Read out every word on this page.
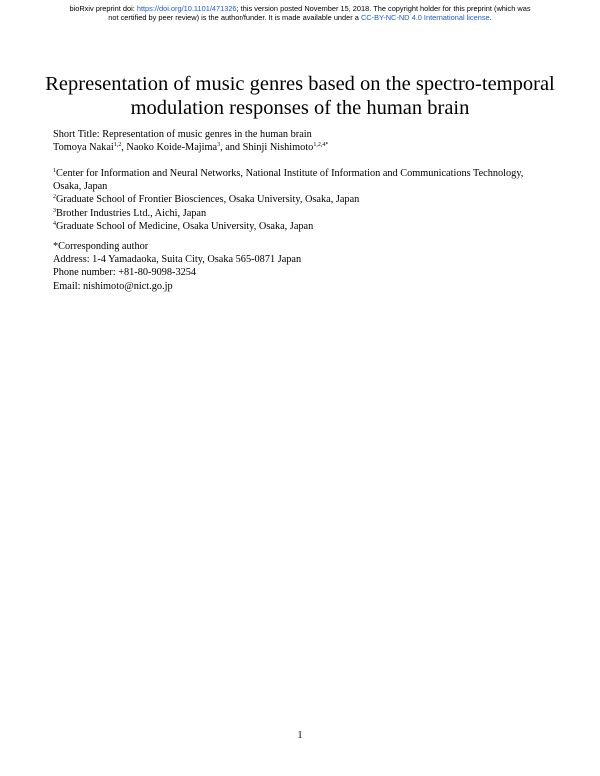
bioRxiv preprint doi: https://doi.org/10.1101/471326; this version posted November 15, 2018. The copyright holder for this preprint (which was
not certified by peer review) is the author/funder. It is made available under a CC-BY-NC-ND 4.0 International license.
Representation of music genres based on the spectro-temporal
modulation responses of the human brain
Short Title: Representation of music genres in the human brain
Tomoya Nakai$^{1,2}$, Naoko Koide-Majima$^3$, and Shinji Nishimoto$^{1,2,4*}$
$^1$Center for Information and Neural Networks, National Institute of Information and Communications Technology,
Osaka, Japan
$^2$Graduate School of Frontier Biosciences, Osaka University, Osaka, Japan
$^3$Brother Industries Ltd., Aichi, Japan
$^4$Graduate School of Medicine, Osaka University, Osaka, Japan
*Corresponding author
Address: 1-4 Yamadaoka, Suita City, Osaka 565-0871 Japan
Phone number: +81-80-9098-3254
Email: nishimoto@nict.go.jp
1
